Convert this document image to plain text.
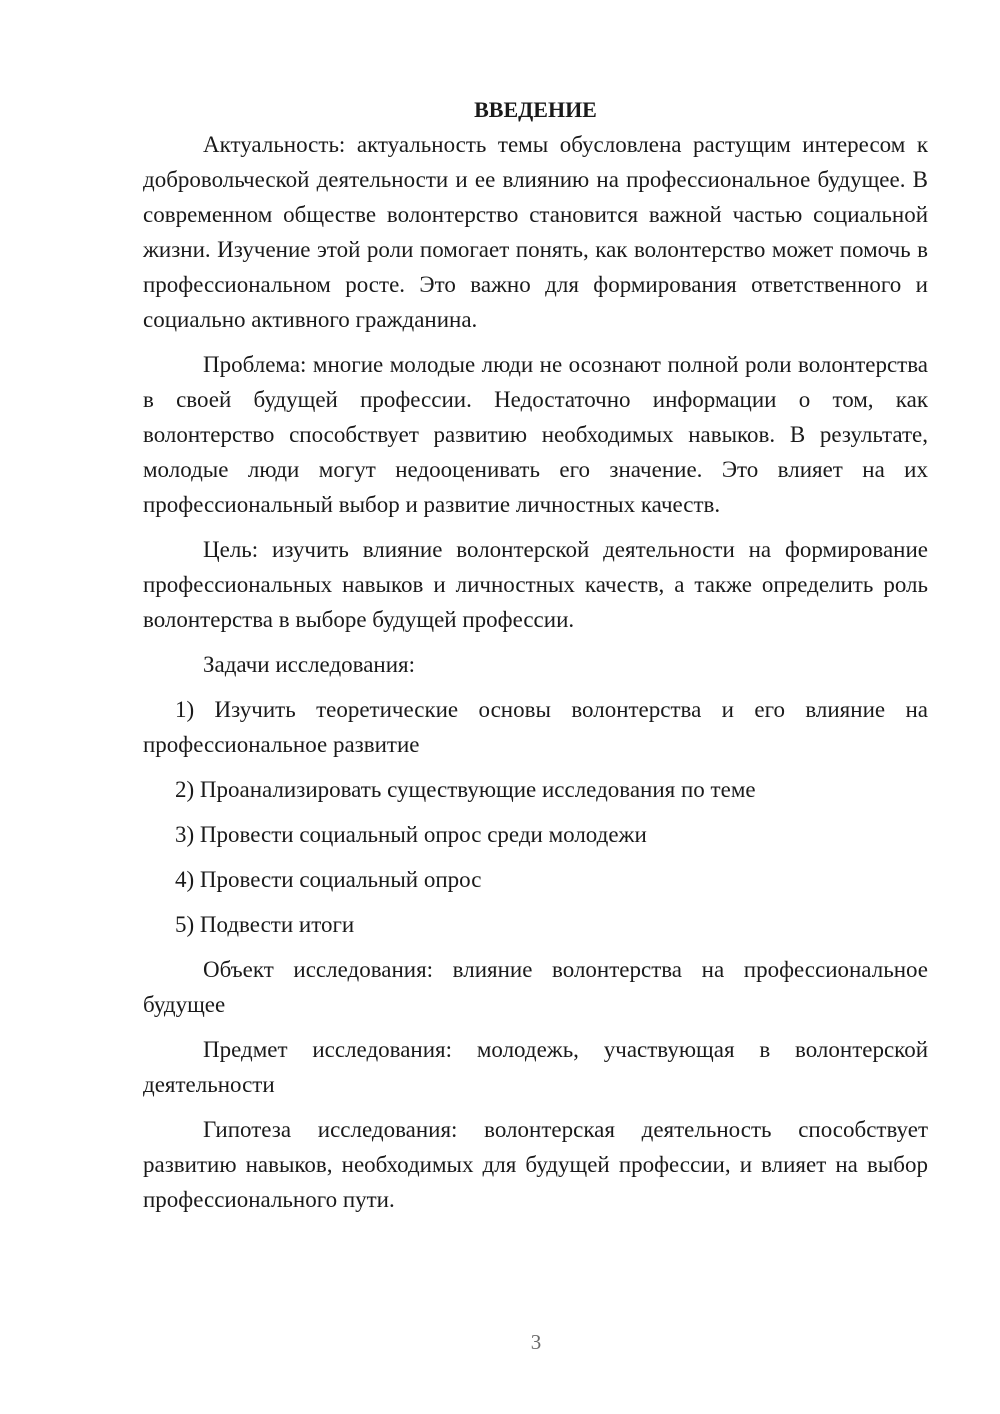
ВВЕДЕНИЕ

Актуальность: актуальность темы обусловлена растущим интересом к добровольческой деятельности и ее влиянию на профессиональное будущее. В современном обществе волонтерство становится важной частью социальной жизни. Изучение этой роли помогает понять, как волонтерство может помочь в профессиональном росте. Это важно для формирования ответственного и социально активного гражданина.

Проблема: многие молодые люди не осознают полной роли волонтерства в своей будущей профессии. Недостаточно информации о том, как волонтерство способствует развитию необходимых навыков. В результате, молодые люди могут недооценивать его значение. Это влияет на их профессиональный выбор и развитие личностных качеств.

Цель: изучить влияние волонтерской деятельности на формирование профессиональных навыков и личностных качеств, а также определить роль волонтерства в выборе будущей профессии.

Задачи исследования:

1) Изучить теоретические основы волонтерства и его влияние на профессиональное развитие

2) Проанализировать существующие исследования по теме

3) Провести социальный опрос среди молодежи

4) Провести социальный опрос

5) Подвести итоги

Объект исследования: влияние волонтерства на профессиональное будущее

Предмет исследования: молодежь, участвующая в волонтерской деятельности

Гипотеза исследования: волонтерская деятельность способствует развитию навыков, необходимых для будущей профессии, и влияет на выбор профессионального пути.

3
